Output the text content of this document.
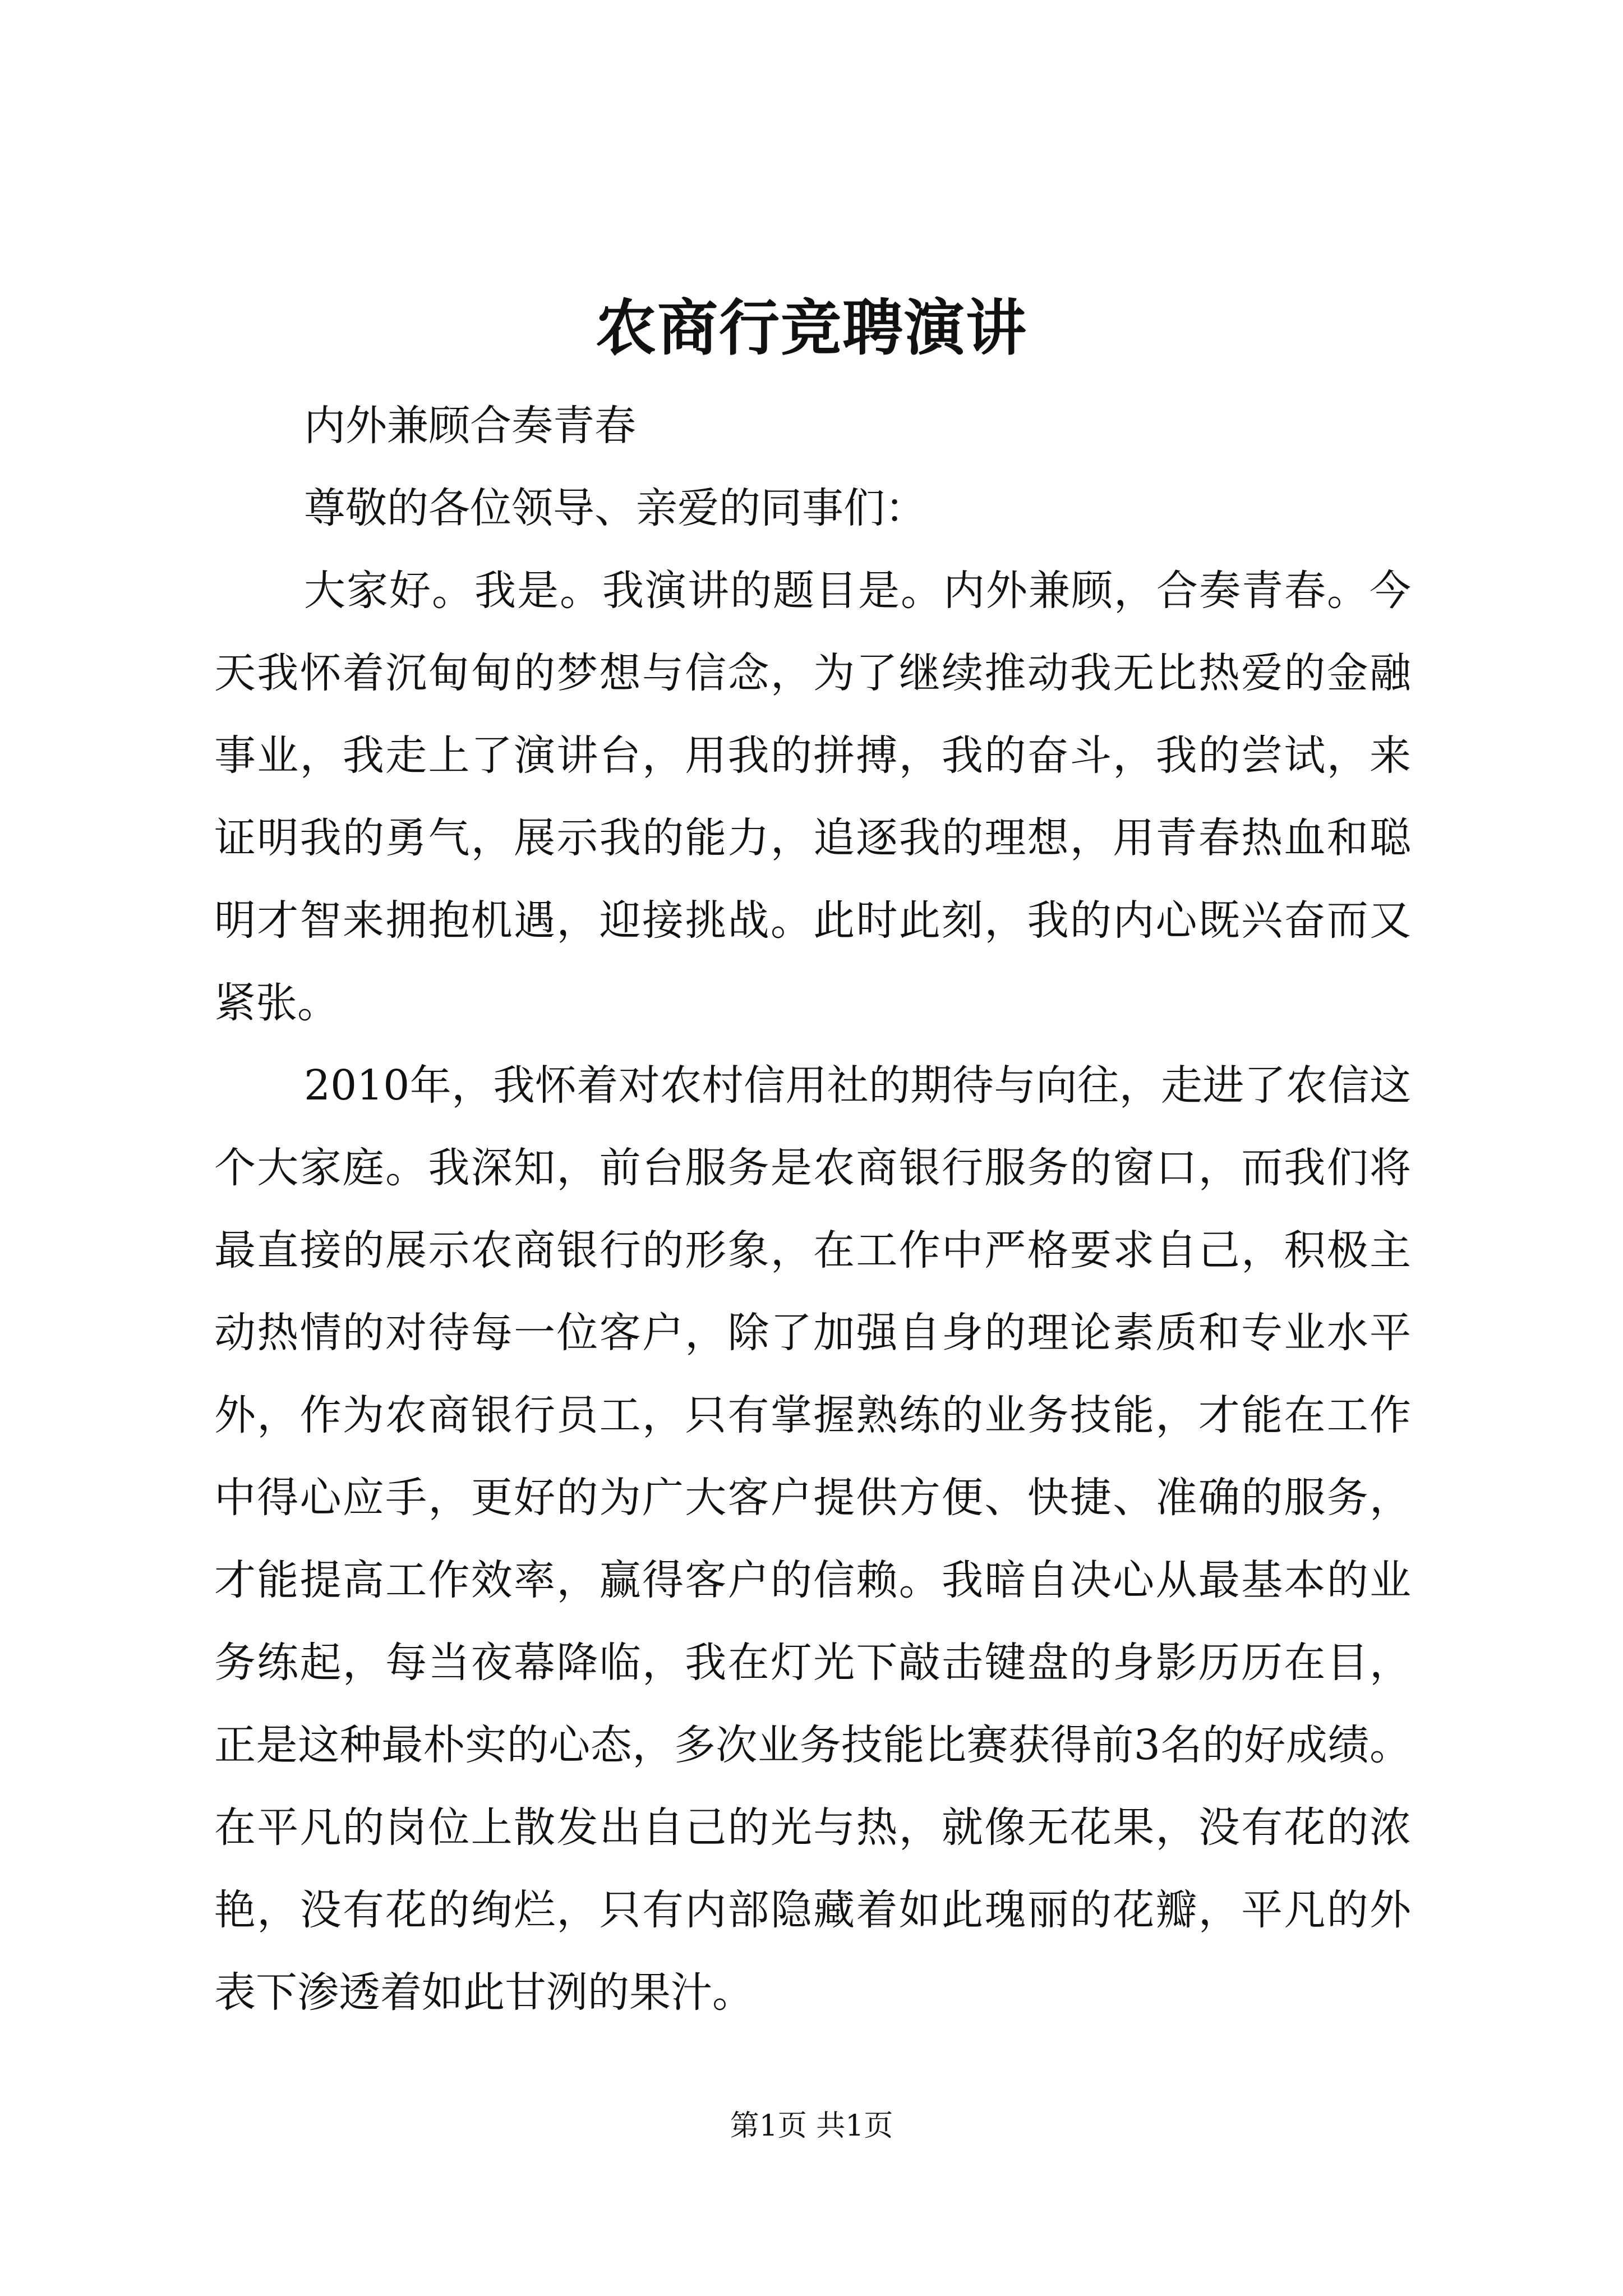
农商行竞聘演讲

内外兼顾合奏青春

尊敬的各位领导、亲爱的同事们：

大家好。我是。我演讲的题目是。内外兼顾，合奏青春。今天我怀着沉甸甸的梦想与信念，为了继续推动我无比热爱的金融事业，我走上了演讲台，用我的拼搏，我的奋斗，我的尝试，来证明我的勇气，展示我的能力，追逐我的理想，用青春热血和聪明才智来拥抱机遇，迎接挑战。此时此刻，我的内心既兴奋而又紧张。

2010年，我怀着对农村信用社的期待与向往，走进了农信这个大家庭。我深知，前台服务是农商银行服务的窗口，而我们将最直接的展示农商银行的形象，在工作中严格要求自己，积极主动热情的对待每一位客户，除了加强自身的理论素质和专业水平外，作为农商银行员工，只有掌握熟练的业务技能，才能在工作中得心应手，更好的为广大客户提供方便、快捷、准确的服务，才能提高工作效率，赢得客户的信赖。我暗自决心从最基本的业务练起，每当夜幕降临，我在灯光下敲击键盘的身影历历在目，正是这种最朴实的心态，多次业务技能比赛获得前3名的好成绩。在平凡的岗位上散发出自己的光与热，就像无花果，没有花的浓艳，没有花的绚烂，只有内部隐藏着如此瑰丽的花瓣，平凡的外表下渗透着如此甘洌的果汁。

第1页 共1页
